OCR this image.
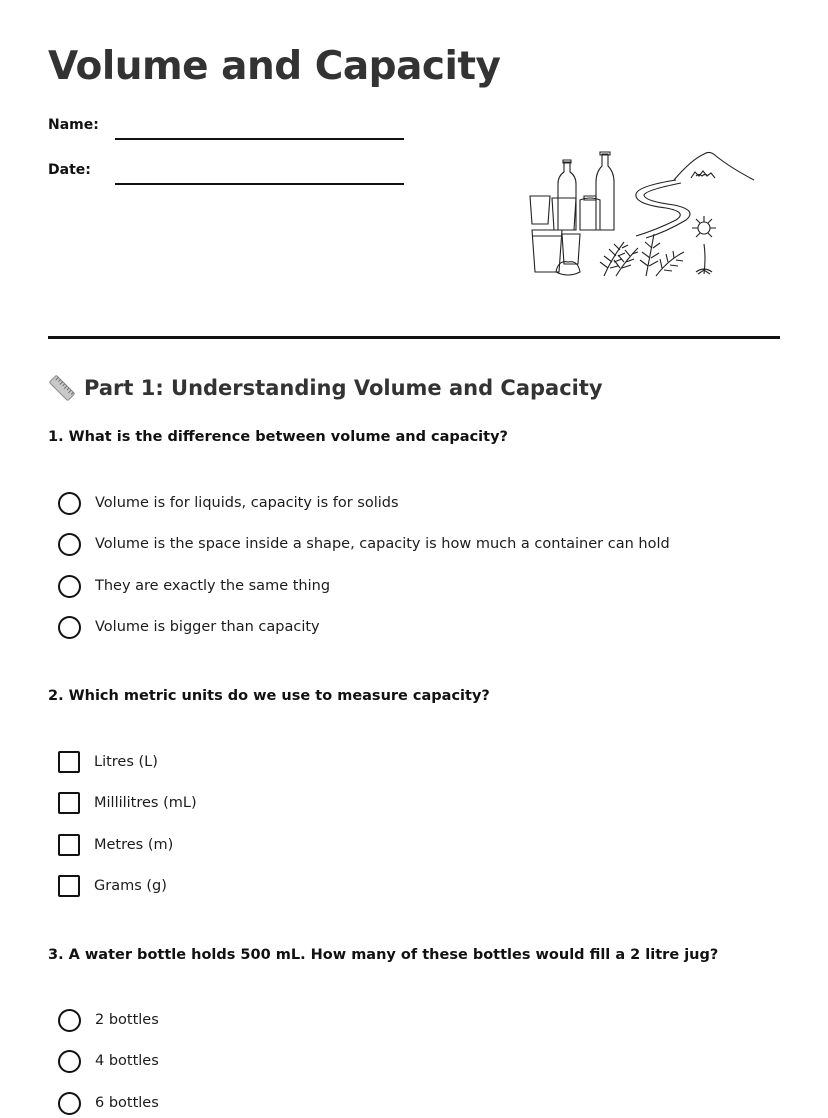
Volume and Capacity
Name:
Date:
Part 1: Understanding Volume and Capacity
1. What is the difference between volume and capacity?
Volume is for liquids, capacity is for solids
Volume is the space inside a shape, capacity is how much a container can hold
They are exactly the same thing
Volume is bigger than capacity
2. Which metric units do we use to measure capacity?
Litres (L)
Millilitres (mL)
Metres (m)
Grams (g)
3. A water bottle holds 500 mL. How many of these bottles would fill a 2 litre jug?
2 bottles
4 bottles
6 bottles
